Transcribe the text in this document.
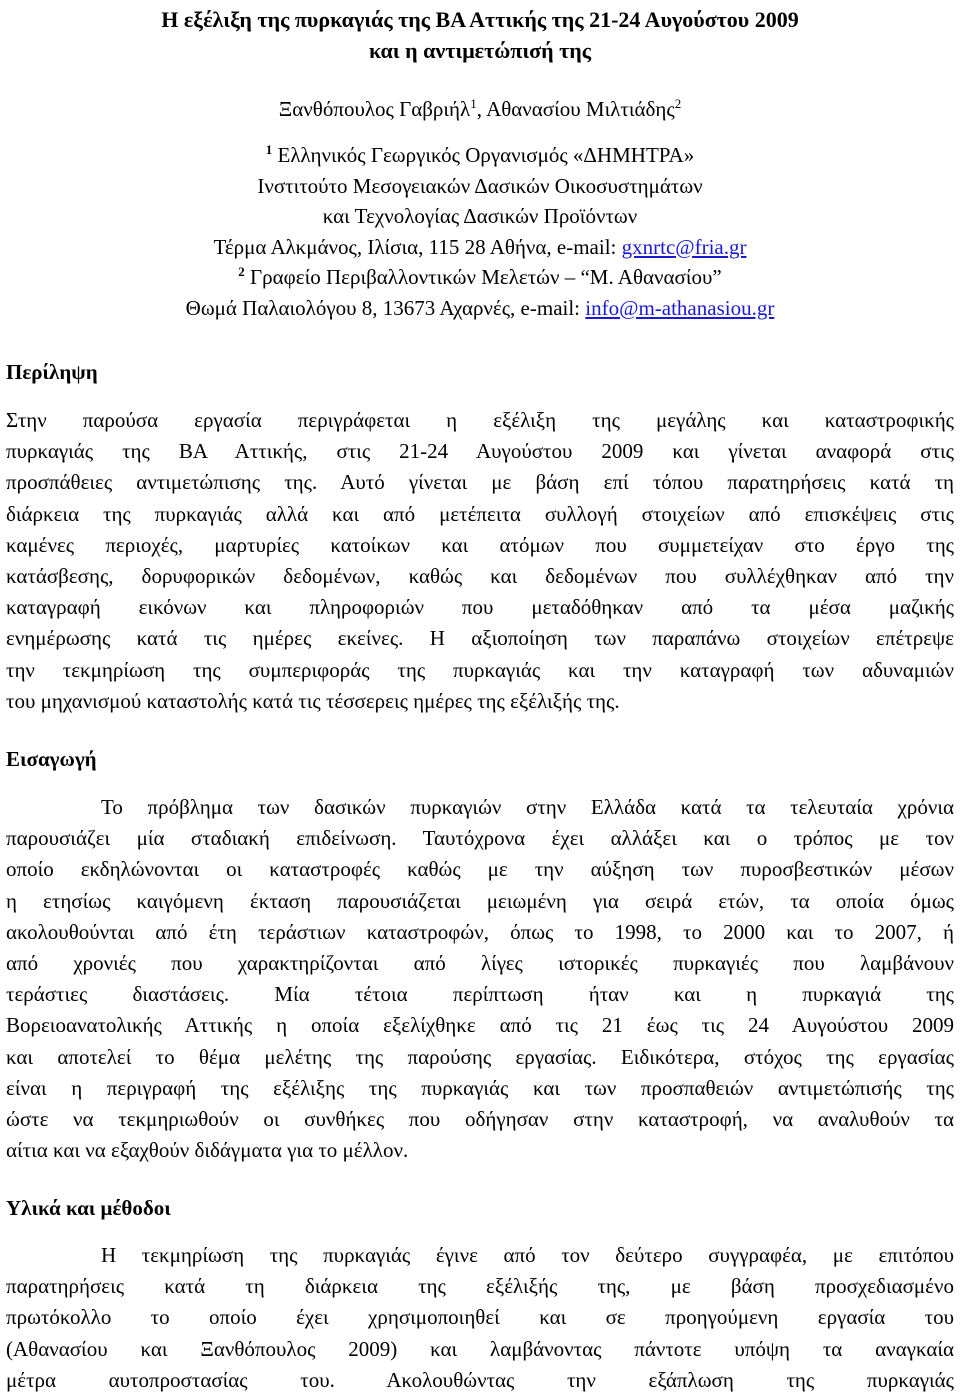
Η εξέλιξη της πυρκαγιάς της ΒΑ Αττικής της 21-24 Αυγούστου 2009
και η αντιμετώπισή της
Ξανθόπουλος Γαβριήλ$^1$, Αθανασίου Μιλτιάδης$^2$
$^1$ Ελληνικός Γεωργικός Οργανισμός «ΔΗΜΗΤΡΑ»
Ινστιτούτο Μεσογειακών Δασικών Οικοσυστημάτων
και Τεχνολογίας Δασικών Προϊόντων
Τέρμα Αλκμάνος, Ιλίσια, 115 28 Αθήνα, e-mail: gxnrtc@fria.gr
$^2$ Γραφείο Περιβαλλοντικών Μελετών – “Μ. Αθανασίου”
Θωμά Παλαιολόγου 8, 13673 Αχαρνές, e-mail: info@m-athanasiou.gr
Περίληψη
Στην παρούσα εργασία περιγράφεται η εξέλιξη της μεγάλης και καταστροφικής
πυρκαγιάς της ΒΑ Αττικής, στις 21-24 Αυγούστου 2009 και γίνεται αναφορά στις
προσπάθειες αντιμετώπισης της. Αυτό γίνεται με βάση επί τόπου παρατηρήσεις κατά τη
διάρκεια της πυρκαγιάς αλλά και από μετέπειτα συλλογή στοιχείων από επισκέψεις στις
καμένες περιοχές, μαρτυρίες κατοίκων και ατόμων που συμμετείχαν στο έργο της
κατάσβεσης, δορυφορικών δεδομένων, καθώς και δεδομένων που συλλέχθηκαν από την
καταγραφή εικόνων και πληροφοριών που μεταδόθηκαν από τα μέσα μαζικής
ενημέρωσης κατά τις ημέρες εκείνες. Η αξιοποίηση των παραπάνω στοιχείων επέτρεψε
την τεκμηρίωση της συμπεριφοράς της πυρκαγιάς και την καταγραφή των αδυναμιών
του μηχανισμού καταστολής κατά τις τέσσερεις ημέρες της εξέλιξής της.
Εισαγωγή
Το πρόβλημα των δασικών πυρκαγιών στην Ελλάδα κατά τα τελευταία χρόνια
παρουσιάζει μία σταδιακή επιδείνωση. Ταυτόχρονα έχει αλλάξει και ο τρόπος με τον
οποίο εκδηλώνονται οι καταστροφές καθώς με την αύξηση των πυροσβεστικών μέσων
η ετησίως καιγόμενη έκταση παρουσιάζεται μειωμένη για σειρά ετών, τα οποία όμως
ακολουθούνται από έτη τεράστιων καταστροφών, όπως το 1998, το 2000 και το 2007, ή
από χρονιές που χαρακτηρίζονται από λίγες ιστορικές πυρκαγιές που λαμβάνουν
τεράστιες διαστάσεις. Μία τέτοια περίπτωση ήταν και η πυρκαγιά της
Βορειοανατολικής Αττικής η οποία εξελίχθηκε από τις 21 έως τις 24 Αυγούστου 2009
και αποτελεί το θέμα μελέτης της παρούσης εργασίας. Ειδικότερα, στόχος της εργασίας
είναι η περιγραφή της εξέλιξης της πυρκαγιάς και των προσπαθειών αντιμετώπισής της
ώστε να τεκμηριωθούν οι συνθήκες που οδήγησαν στην καταστροφή, να αναλυθούν τα
αίτια και να εξαχθούν διδάγματα για το μέλλον.
Υλικά και μέθοδοι
Η τεκμηρίωση της πυρκαγιάς έγινε από τον δεύτερο συγγραφέα, με επιτόπου
παρατηρήσεις κατά τη διάρκεια της εξέλιξής της, με βάση προσχεδιασμένο
πρωτόκολλο το οποίο έχει χρησιμοποιηθεί και σε προηγούμενη εργασία του
(Αθανασίου και Ξανθόπουλος 2009) και λαμβάνοντας πάντοτε υπόψη τα αναγκαία
μέτρα αυτοπροστασίας του. Ακολουθώντας την εξάπλωση της πυρκαγιάς
